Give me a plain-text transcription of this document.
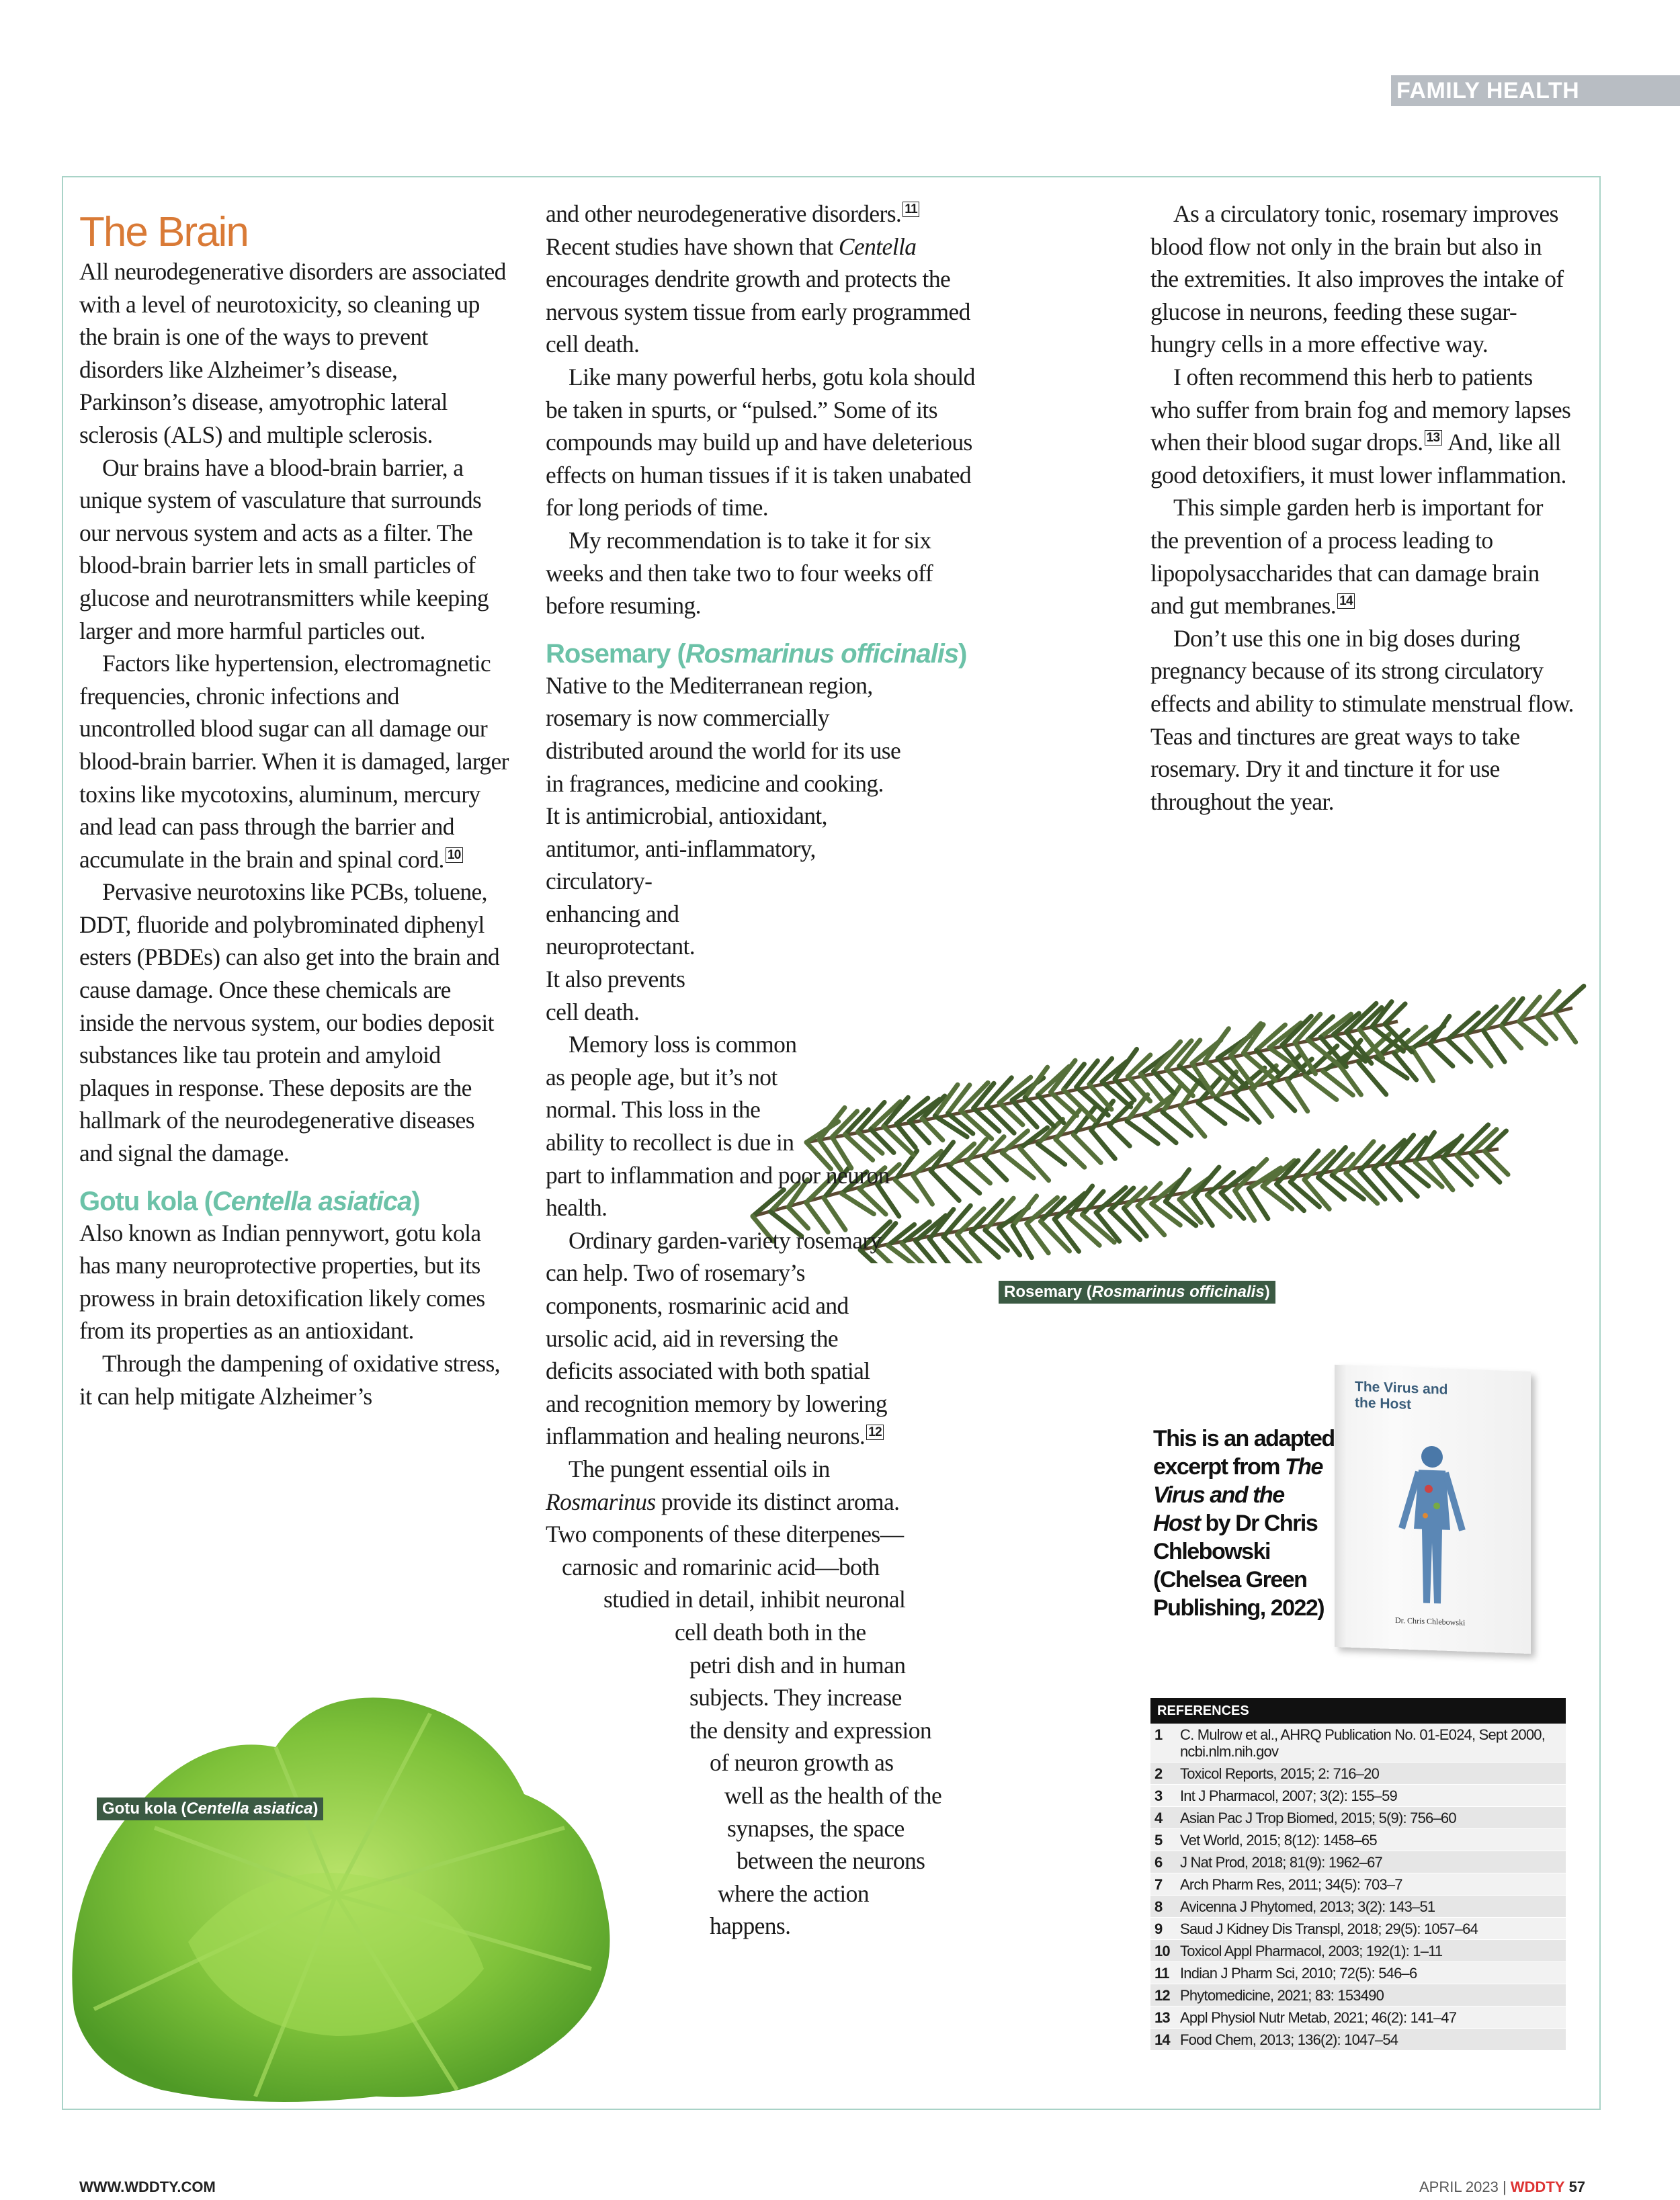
FAMILY HEALTH
The Brain

All neurodegenerative disorders are associated with a level of neurotoxicity, so cleaning up the brain is one of the ways to prevent disorders like Alzheimer’s disease, Parkinson’s disease, amyotrophic lateral sclerosis (ALS) and multiple sclerosis.

Our brains have a blood-brain barrier, a unique system of vasculature that surrounds our nervous system and acts as a filter. The blood-brain barrier lets in small particles of glucose and neurotransmitters while keeping larger and more harmful particles out.

Factors like hypertension, electromagnetic frequencies, chronic infections and uncontrolled blood sugar can all damage our blood-brain barrier. When it is damaged, larger toxins like mycotoxins, aluminum, mercury and lead can pass through the barrier and accumulate in the brain and spinal cord. $^{10}$

Pervasive neurotoxins like PCBs, toluene, DDT, fluoride and polybrominated diphenyl esters (PBDEs) can also get into the brain and cause damage. Once these chemicals are inside the nervous system, our bodies deposit substances like tau protein and amyloid plaques in response. These deposits are the hallmark of the neurodegenerative diseases and signal the damage.

Gotu kola (Centella asiatica)

Also known as Indian pennywort, gotu kola has many neuroprotective properties, but its prowess in brain detoxification likely comes from its properties as an antioxidant.

Through the dampening of oxidative stress, it can help mitigate Alzheimer’s

and other neurodegenerative disorders. $^{11}$ Recent studies have shown that Centella encourages dendrite growth and protects the nervous system tissue from early programmed cell death.

Like many powerful herbs, gotu kola should be taken in spurts, or “pulsed.” Some of its compounds may build up and have deleterious effects on human tissues if it is taken unabated for long periods of time.

My recommendation is to take it for six weeks and then take two to four weeks off before resuming.

Rosemary (Rosmarinus officinalis)
Native to the Mediterranean region,
rosemary is now commercially
distributed around the world for its use
in fragrances, medicine and cooking.
It is antimicrobial, antioxidant,
antitumor, anti-inflammatory,
circulatory-
enhancing and
neuroprotectant.
It also prevents
cell death.
Memory loss is common
as people age, but it’s not
normal. This loss in the
ability to recollect is due in
part to inflammation and poor neuron
health.
Ordinary garden-variety rosemary
can help. Two of rosemary’s
components, rosmarinic acid and
ursolic acid, aid in reversing the
deficits associated with both spatial
and recognition memory by lowering
inflammation and healing neurons. $^{12}$
The pungent essential oils in
Rosmarinus provide its distinct aroma.
Two components of these diterpenes—
carnosic and romarinic acid—both
studied in detail, inhibit neuronal
cell death both in the
petri dish and in human
subjects. They increase
the density and expression
of neuron growth as
well as the health of the
synapses, the space
between the neurons
where the action
happens.

As a circulatory tonic, rosemary improves blood flow not only in the brain but also in the extremities. It also improves the intake of glucose in neurons, feeding these sugar-hungry cells in a more effective way.

I often recommend this herb to patients who suffer from brain fog and memory lapses when their blood sugar drops. $^{13}$ And, like all good detoxifiers, it must lower inflammation.

This simple garden herb is important for the prevention of a process leading to lipopolysaccharides that can damage brain and gut membranes. $^{14}$

Don’t use this one in big doses during pregnancy because of its strong circulatory effects and ability to stimulate menstrual flow. Teas and tinctures are great ways to take rosemary. Dry it and tincture it for use throughout the year.

Rosemary (Rosmarinus officinalis)
Gotu kola (Centella asiatica)
The Virus and the Host
Dr. Chris Chlebowski
This is an adapted excerpt from The Virus and the Host by Dr Chris Chlebowski (Chelsea Green Publishing, 2022)
REFERENCES
1	C. Mulrow et al., AHRQ Publication No. 01-E024, Sept 2000, ncbi.nlm.nih.gov
2	Toxicol Reports, 2015; 2: 716–20
3	Int J Pharmacol, 2007; 3(2): 155–59
4	Asian Pac J Trop Biomed, 2015; 5(9): 756–60
5	Vet World, 2015; 8(12): 1458–65
6	J Nat Prod, 2018; 81(9): 1962–67
7	Arch Pharm Res, 2011; 34(5): 703–7
8	Avicenna J Phytomed, 2013; 3(2): 143–51
9	Saud J Kidney Dis Transpl, 2018; 29(5): 1057–64
10 Toxicol Appl Pharmacol, 2003; 192(1): 1–11
11 Indian J Pharm Sci, 2010; 72(5): 546–6
12 Phytomedicine, 2021; 83: 153490
13 Appl Physiol Nutr Metab, 2021; 46(2): 141–47
14 Food Chem, 2013; 136(2): 1047–54
WWW.WDDTY.COM	APRIL 2023 | WDDTY 57
